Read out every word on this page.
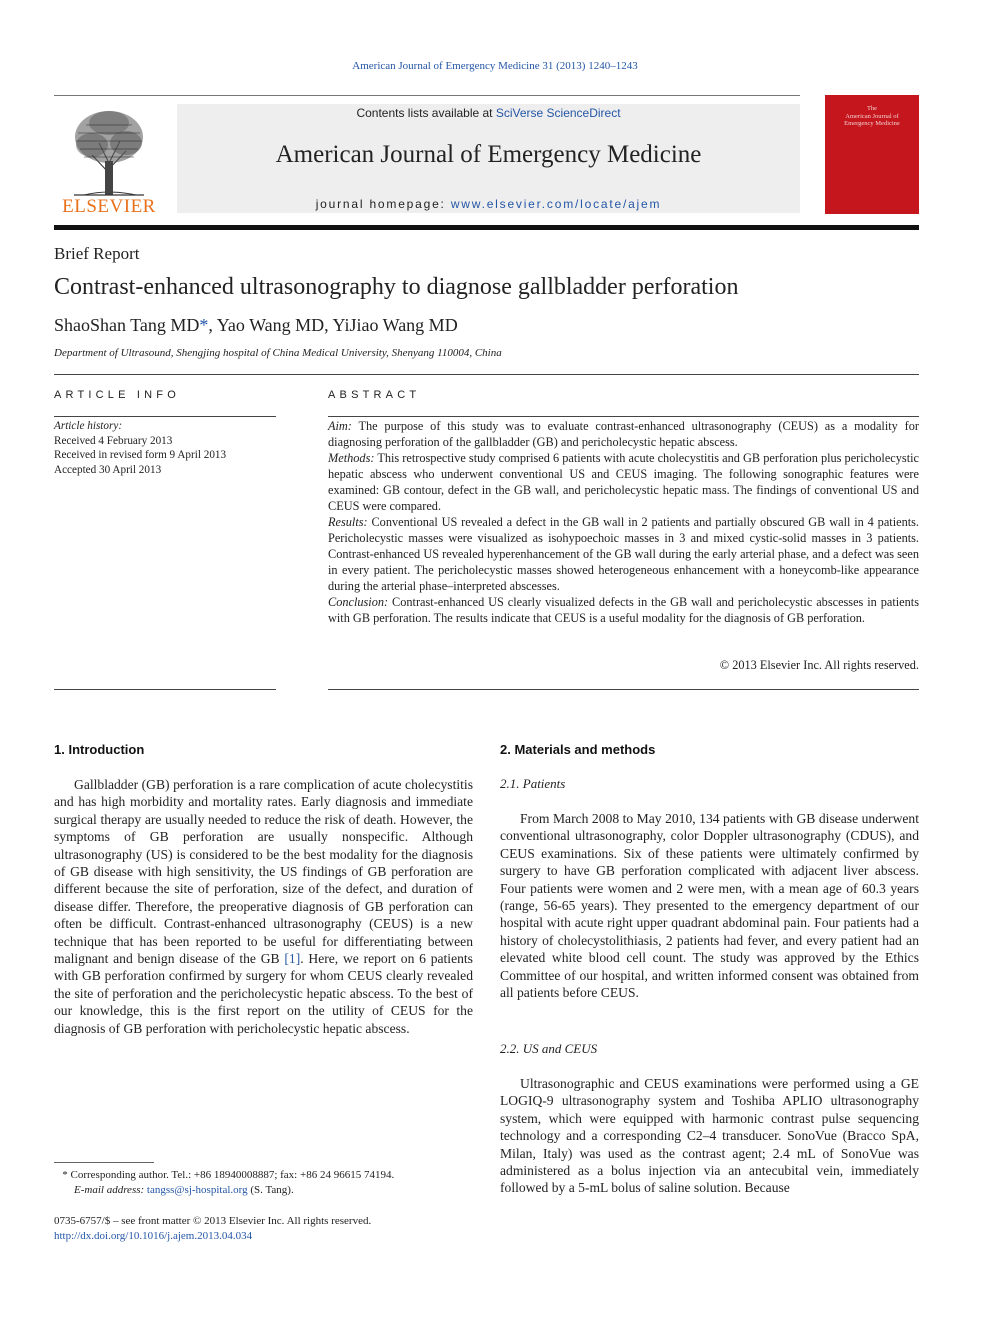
American Journal of Emergency Medicine 31 (2013) 1240–1243
ELSEVIER
Contents lists available at SciVerse ScienceDirect
American Journal of Emergency Medicine
journal homepage: www.elsevier.com/locate/ajem
The
American Journal of
Emergency Medicine
Brief Report
Contrast-enhanced ultrasonography to diagnose gallbladder perforation
ShaoShan Tang MD*, Yao Wang MD, YiJiao Wang MD
Department of Ultrasound, Shengjing hospital of China Medical University, Shenyang 110004, China
ARTICLE INFO	ABSTRACT
Article history:
Received 4 February 2013
Received in revised form 9 April 2013
Accepted 30 April 2013

Aim: The purpose of this study was to evaluate contrast-enhanced ultrasonography (CEUS) as a modality for diagnosing perforation of the gallbladder (GB) and pericholecystic hepatic abscess.

Methods: This retrospective study comprised 6 patients with acute cholecystitis and GB perforation plus pericholecystic hepatic abscess who underwent conventional US and CEUS imaging. The following sonographic features were examined: GB contour, defect in the GB wall, and pericholecystic hepatic mass. The findings of conventional US and CEUS were compared.

Results: Conventional US revealed a defect in the GB wall in 2 patients and partially obscured GB wall in 4 patients. Pericholecystic masses were visualized as isohypoechoic masses in 3 and mixed cystic-solid masses in 3 patients. Contrast-enhanced US revealed hyperenhancement of the GB wall during the early arterial phase, and a defect was seen in every patient. The pericholecystic masses showed heterogeneous enhancement with a honeycomb-like appearance during the arterial phase–interpreted abscesses.

Conclusion: Contrast-enhanced US clearly visualized defects in the GB wall and pericholecystic abscesses in patients with GB perforation. The results indicate that CEUS is a useful modality for the diagnosis of GB perforation.

© 2013 Elsevier Inc. All rights reserved.
1. Introduction
Gallbladder (GB) perforation is a rare complication of acute cholecystitis and has high morbidity and mortality rates. Early diagnosis and immediate surgical therapy are usually needed to reduce the risk of death. However, the symptoms of GB perforation are usually nonspecific. Although ultrasonography (US) is considered to be the best modality for the diagnosis of GB disease with high sensitivity, the US findings of GB perforation are different because the site of perforation, size of the defect, and duration of disease differ. Therefore, the preoperative diagnosis of GB perforation can often be difficult. Contrast-enhanced ultrasonography (CEUS) is a new technique that has been reported to be useful for differentiating between malignant and benign disease of the GB [1]. Here, we report on 6 patients with GB perforation confirmed by surgery for whom CEUS clearly revealed the site of perforation and the pericholecystic hepatic abscess. To the best of our knowledge, this is the first report on the utility of CEUS for the diagnosis of GB perforation with pericholecystic hepatic abscess.
2. Materials and methods
2.1. Patients
From March 2008 to May 2010, 134 patients with GB disease underwent conventional ultrasonography, color Doppler ultrasonography (CDUS), and CEUS examinations. Six of these patients were ultimately confirmed by surgery to have GB perforation complicated with adjacent liver abscess. Four patients were women and 2 were men, with a mean age of 60.3 years (range, 56-65 years). They presented to the emergency department of our hospital with acute right upper quadrant abdominal pain. Four patients had a history of cholecystolithiasis, 2 patients had fever, and every patient had an elevated white blood cell count. The study was approved by the Ethics Committee of our hospital, and written informed consent was obtained from all patients before CEUS.
2.2. US and CEUS
Ultrasonographic and CEUS examinations were performed using a GE LOGIQ-9 ultrasonography system and Toshiba APLIO ultrasonography system, which were equipped with harmonic contrast pulse sequencing technology and a corresponding C2–4 transducer. SonoVue (Bracco SpA, Milan, Italy) was used as the contrast agent; 2.4 mL of SonoVue was administered as a bolus injection via an antecubital vein, immediately followed by a 5-mL bolus of saline solution. Because
* Corresponding author. Tel.: +86 18940008887; fax: +86 24 96615 74194.
E-mail address: tangss@sj-hospital.org (S. Tang).
0735-6757/$ – see front matter © 2013 Elsevier Inc. All rights reserved.
http://dx.doi.org/10.1016/j.ajem.2013.04.034
